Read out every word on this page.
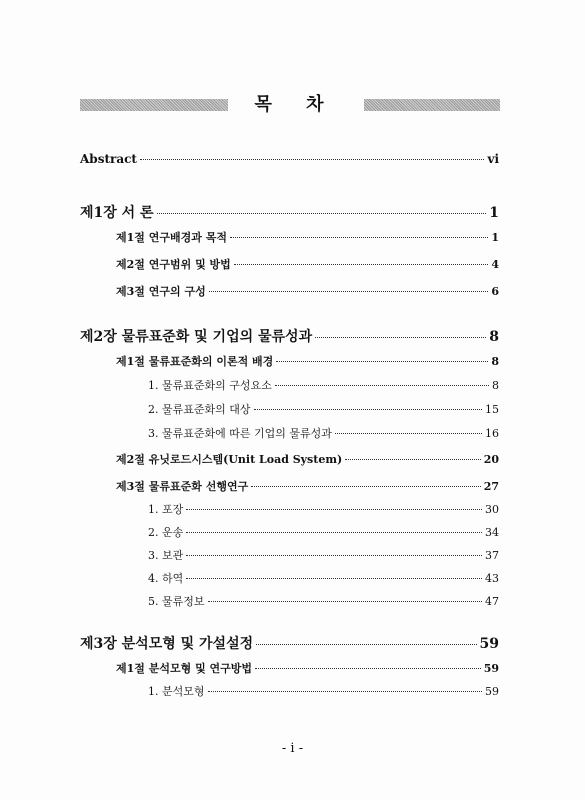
목 차
Abstract	vi
제1장 서 론	1
제1절 연구배경과 목적	1
제2절 연구범위 및 방법	4
제3절 연구의 구성	6
제2장 물류표준화 및 기업의 물류성과	8
제1절 물류표준화의 이론적 배경	8
1. 물류표준화의 구성요소	8
2. 물류표준화의 대상	15
3. 물류표준화에 따른 기업의 물류성과	16
제2절 유닛로드시스템(Unit Load System)	20
제3절 물류표준화 선행연구	27
1. 포장	30
2. 운송	34
3. 보관	37
4. 하역	43
5. 물류정보	47
제3장 분석모형 및 가설설정	59
제1절 분석모형 및 연구방법	59
1. 분석모형	59
- i -
